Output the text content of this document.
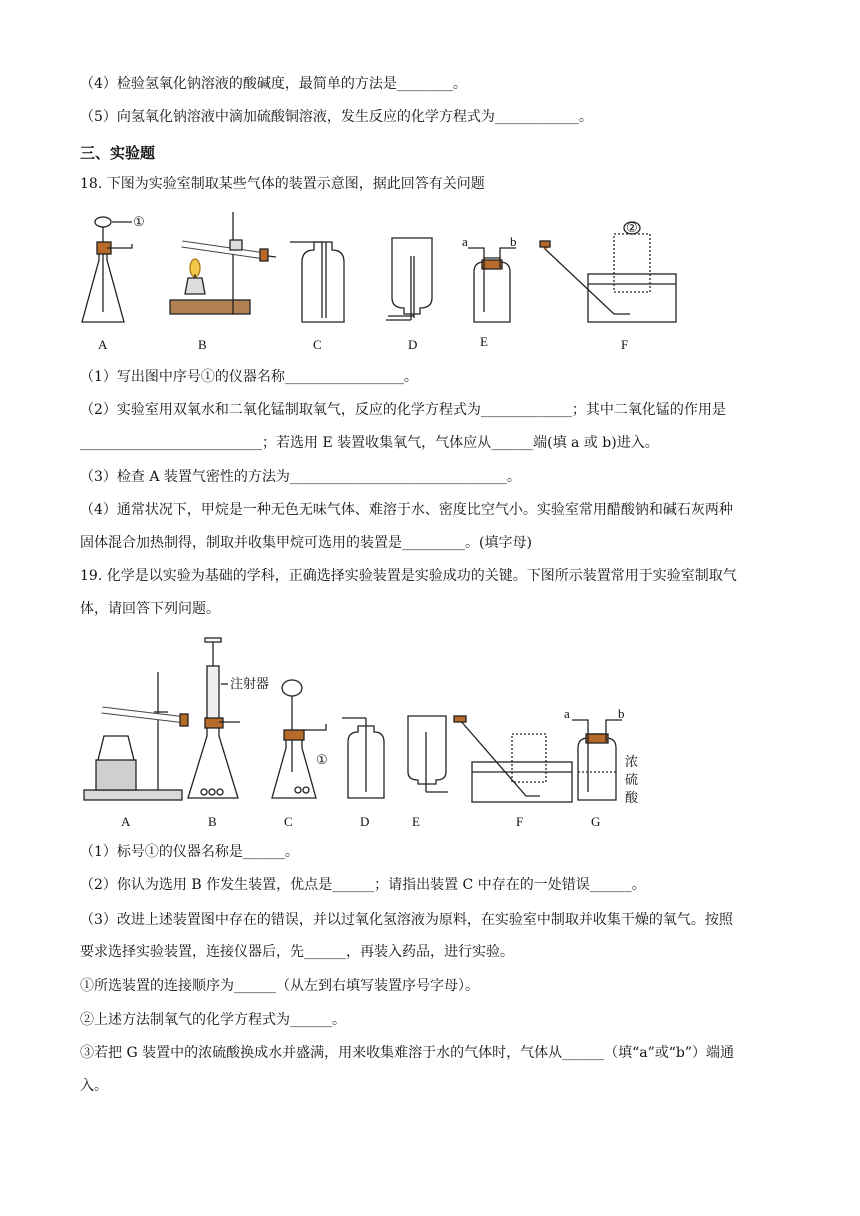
（4）检验氢氧化钠溶液的酸碱度，最简单的方法是________。
（5）向氢氧化钠溶液中滴加硫酸铜溶液，发生反应的化学方程式为____________。
三、实验题
18. 下图为实验室制取某些气体的装置示意图，据此回答有关问题
①
A	B	C	D
a	b
E
②
F
（1）写出图中序号①的仪器名称_________________。
（2）实验室用双氧水和二氧化锰制取氧气，反应的化学方程式为_____________；其中二氧化锰的作用是
__________________________；若选用 E 装置收集氧气，气体应从______端(填 a 或 b)进入。
（3）检查 A 装置气密性的方法为_______________________________。
（4）通常状况下，甲烷是一种无色无味气体、难溶于水、密度比空气小。实验室常用醋酸钠和碱石灰两种
固体混合加热制得，制取并收集甲烷可选用的装置是_________。(填字母)
19. 化学是以实验为基础的学科，正确选择实验装置是实验成功的关键。下图所示装置常用于实验室制取气
体，请回答下列问题。
A
注射器
B
①
C	D	E	F
a	b
浓
硫
酸
G
（1）标号①的仪器名称是______。
（2）你认为选用 B 作发生装置，优点是______；请指出装置 C 中存在的一处错误______。
（3）改进上述装置图中存在的错误，并以过氧化氢溶液为原料，在实验室中制取并收集干燥的氧气。按照
要求选择实验装置，连接仪器后，先______，再装入药品，进行实验。
①所选装置的连接顺序为______（从左到右填写装置序号字母）。
②上述方法制氧气的化学方程式为______。
③若把 G 装置中的浓硫酸换成水并盛满，用来收集难溶于水的气体时，气体从______（填“a”或“b”）端通
入。
